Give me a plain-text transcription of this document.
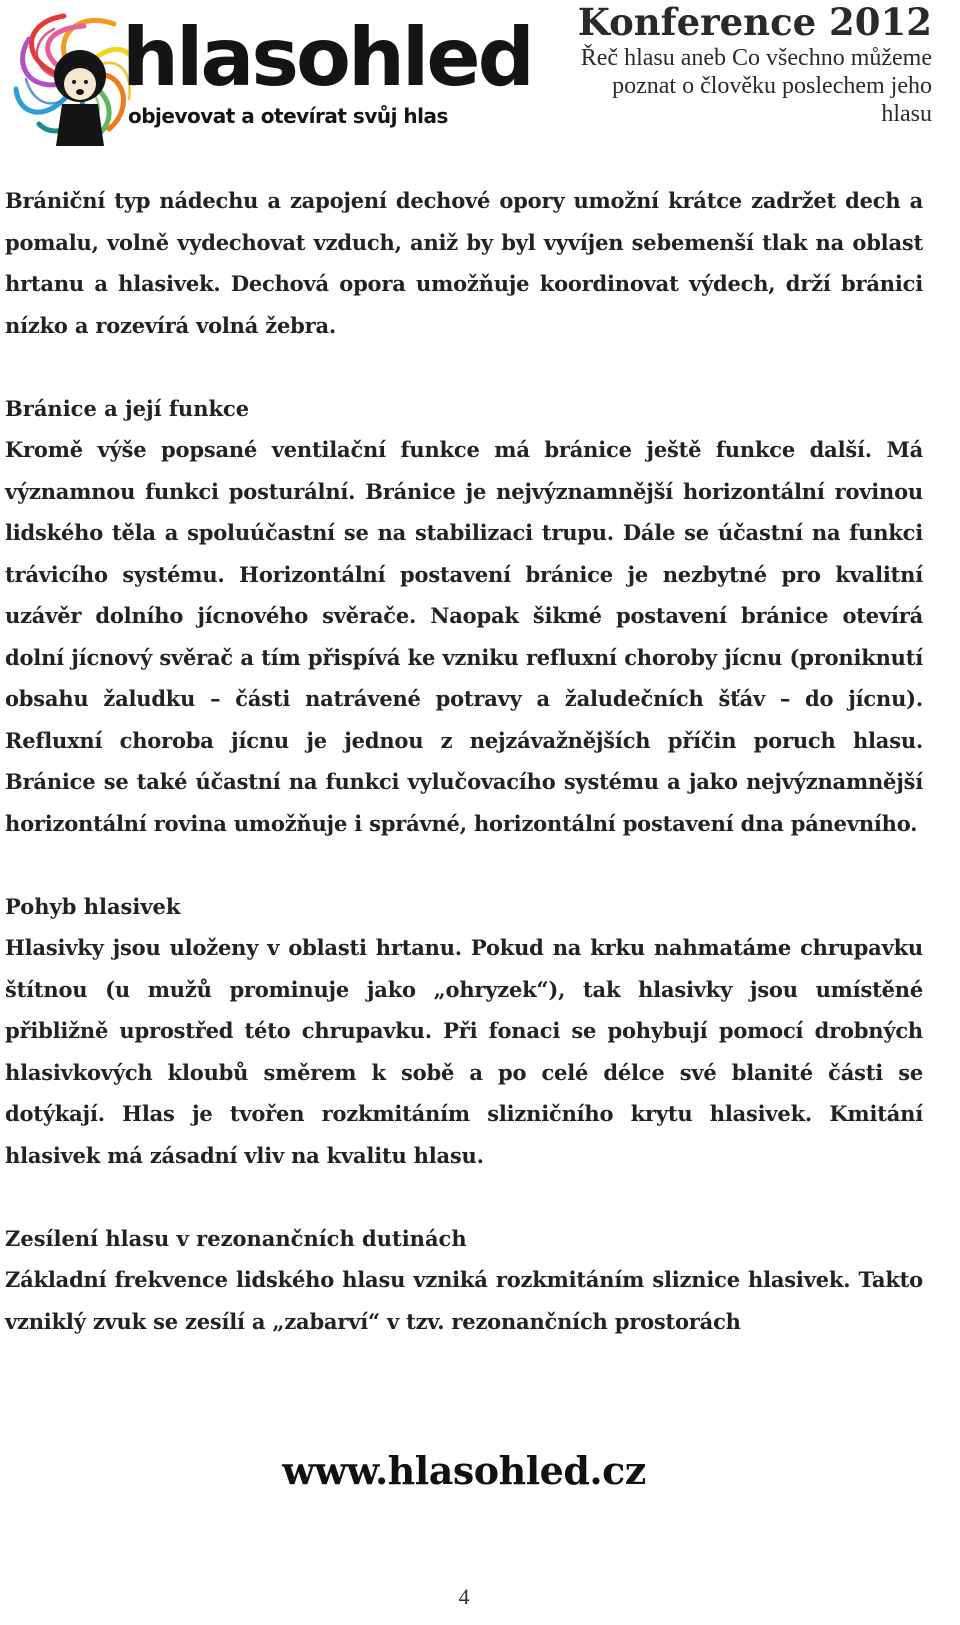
hlasohled
objevovat a otevírat svůj hlas
Konference 2012
Řeč hlasu aneb Co všechno můžeme
poznat o člověku poslechem jeho
hlasu

Brániční typ nádechu a zapojení dechové opory umožní krátce zadržet dech a pomalu, volně vydechovat vzduch, aniž by byl vyvíjen sebemenší tlak na oblast hrtanu a hlasivek. Dechová opora umožňuje koordinovat výdech, drží bránici nízko a rozevírá volná žebra.

Bránice a její funkce

Kromě výše popsané ventilační funkce má bránice ještě funkce další. Má významnou funkci posturální. Bránice je nejvýznamnější horizontální rovinou lidského těla a spoluúčastní se na stabilizaci trupu. Dále se účastní na funkci trávicího systému. Horizontální postavení bránice je nezbytné pro kvalitní uzávěr dolního jícnového svěrače. Naopak šikmé postavení bránice otevírá dolní jícnový svěrač a tím přispívá ke vzniku refluxní choroby jícnu (proniknutí obsahu žaludku – části natrávené potravy a žaludečních šťáv – do jícnu). Refluxní choroba jícnu je jednou z nejzávažnějších příčin poruch hlasu. Bránice se také účastní na funkci vylučovacího systému a jako nejvýznamnější horizontální rovina umožňuje i správné, horizontální postavení dna pánevního.

Pohyb hlasivek

Hlasivky jsou uloženy v oblasti hrtanu. Pokud na krku nahmatáme chrupavku štítnou (u mužů prominuje jako „ohryzek“), tak hlasivky jsou umístěné přibližně uprostřed této chrupavku. Při fonaci se pohybují pomocí drobných hlasivkových kloubů směrem k sobě a po celé délce své blanité části se dotýkají. Hlas je tvořen rozkmitáním slizničního krytu hlasivek. Kmitání hlasivek má zásadní vliv na kvalitu hlasu.

Zesílení hlasu v rezonančních dutinách

Základní frekvence lidského hlasu vzniká rozkmitáním sliznice hlasivek. Takto vzniklý zvuk se zesílí a „zabarví“ v tzv. rezonančních prostorách

www.hlasohled.cz
4
